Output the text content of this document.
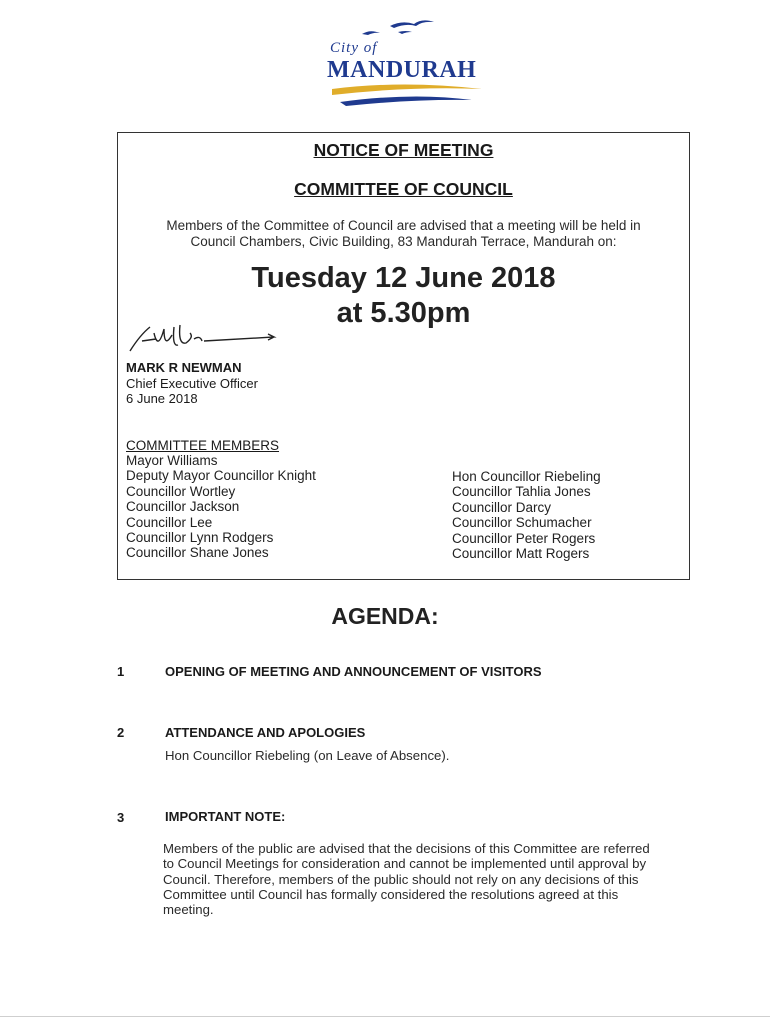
City of
MANDURAH
NOTICE OF MEETING
COMMITTEE OF COUNCIL
Members of the Committee of Council are advised that a meeting will be held in
Council Chambers, Civic Building, 83 Mandurah Terrace, Mandurah on:
Tuesday 12 June 2018
at 5.30pm
MARK R NEWMAN
Chief Executive Officer
6 June 2018
COMMITTEE MEMBERS
Mayor Williams
Deputy Mayor Councillor Knight
Councillor Wortley
Councillor Jackson
Councillor Lee
Councillor Lynn Rodgers
Councillor Shane Jones
Hon Councillor Riebeling
Councillor Tahlia Jones
Councillor Darcy
Councillor Schumacher
Councillor Peter Rogers
Councillor Matt Rogers
AGENDA:
1	OPENING OF MEETING AND ANNOUNCEMENT OF VISITORS
2	ATTENDANCE AND APOLOGIES
Hon Councillor Riebeling (on Leave of Absence).
3	IMPORTANT NOTE:
Members of the public are advised that the decisions of this Committee are referred
to Council Meetings for consideration and cannot be implemented until approval by
Council. Therefore, members of the public should not rely on any decisions of this
Committee until Council has formally considered the resolutions agreed at this
meeting.
